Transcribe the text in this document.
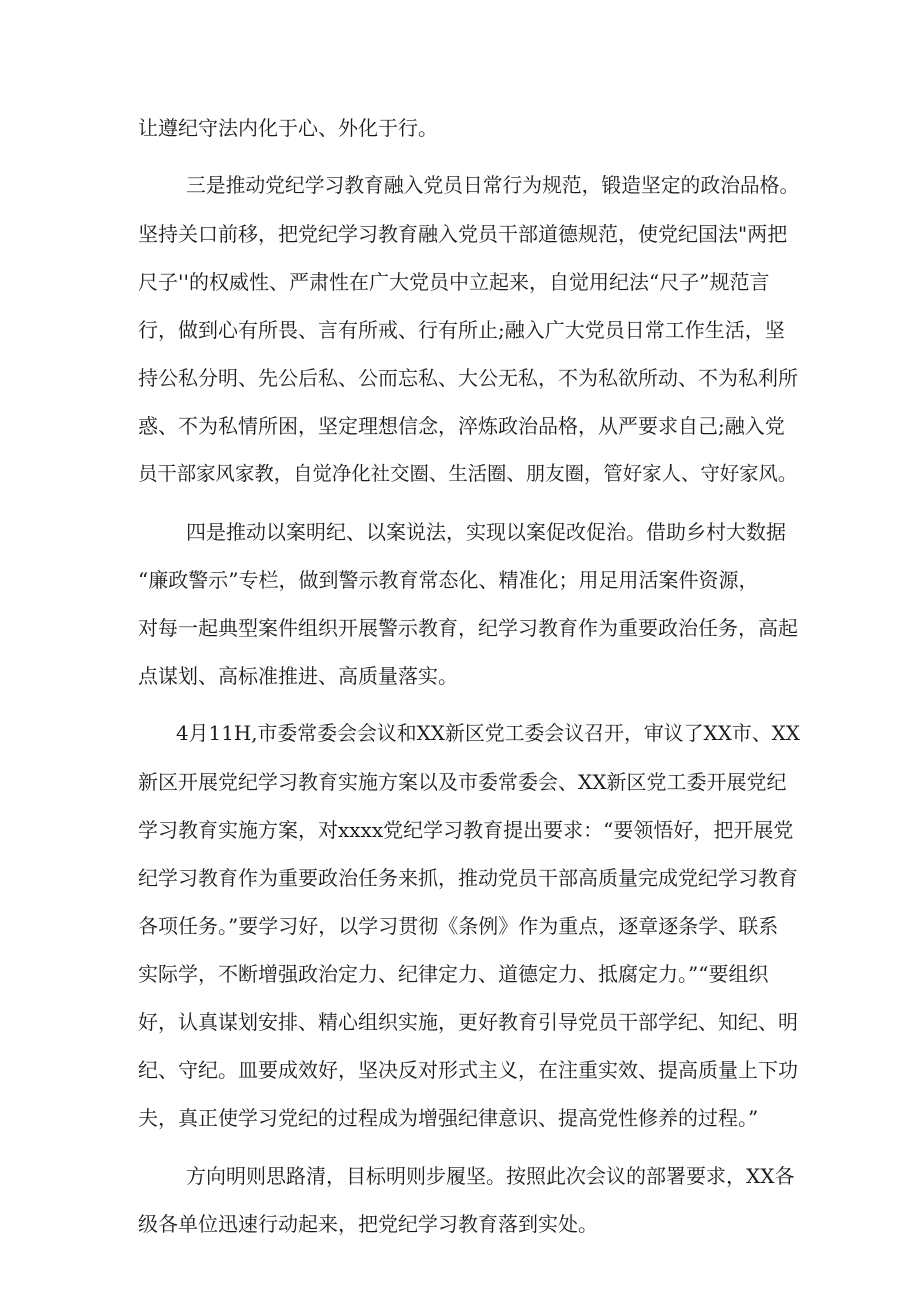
让遵纪守法内化于心、外化于行。
三是推动党纪学习教育融入党员日常行为规范，锻造坚定的政治品格。
坚持关口前移，把党纪学习教育融入党员干部道德规范，使党纪国法"两把
尺子''的权威性、严肃性在广大党员中立起来，自觉用纪法“尺子”规范言
行，做到心有所畏、言有所戒、行有所止;融入广大党员日常工作生活，坚
持公私分明、先公后私、公而忘私、大公无私，不为私欲所动、不为私利所
惑、不为私情所困，坚定理想信念，淬炼政治品格，从严要求自己;融入党
员干部家风家教，自觉净化社交圈、生活圈、朋友圈，管好家人、守好家风。
四是推动以案明纪、以案说法，实现以案促改促治。借助乡村大数据
“廉政警示”专栏，做到警示教育常态化、精准化；用足用活案件资源，
对每一起典型案件组织开展警示教育，纪学习教育作为重要政治任务，高起
点谋划、高标准推进、高质量落实。
4月11H,市委常委会会议和XX新区党工委会议召开，审议了XX市、XX
新区开展党纪学习教育实施方案以及市委常委会、XX新区党工委开展党纪
学习教育实施方案，对xxxx党纪学习教育提出要求：“要领悟好，把开展党
纪学习教育作为重要政治任务来抓，推动党员干部高质量完成党纪学习教育
各项任务。”要学习好，以学习贯彻《条例》作为重点，逐章逐条学、联系
实际学，不断增强政治定力、纪律定力、道德定力、抵腐定力。”“要组织
好，认真谋划安排、精心组织实施，更好教育引导党员干部学纪、知纪、明
纪、守纪。皿要成效好，坚决反对形式主义，在注重实效、提高质量上下功
夫，真正使学习党纪的过程成为增强纪律意识、提高党性修养的过程。”
方向明则思路清，目标明则步履坚。按照此次会议的部署要求，XX各
级各单位迅速行动起来，把党纪学习教育落到实处。
